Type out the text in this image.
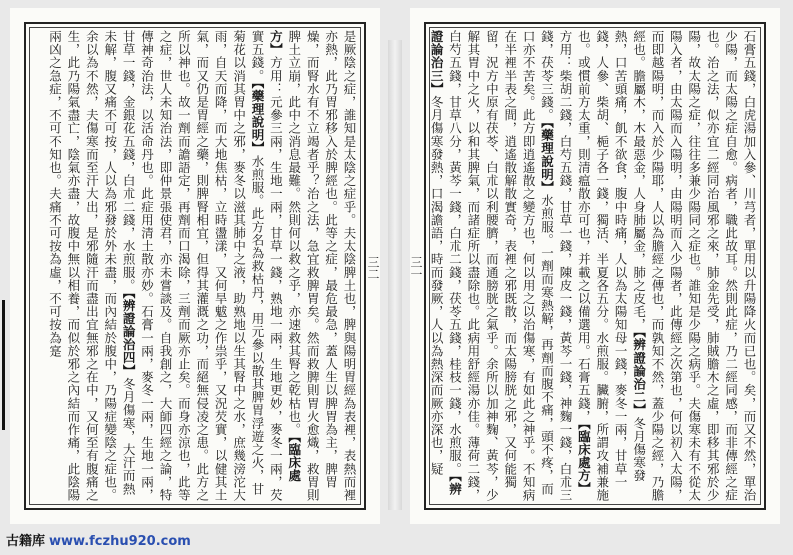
石膏五錢，白虎湯加入參、川芎者，單用以升陽降火而已也。矣，而又不然，單治少陽，而太陽之症自愈。病者，職此故耳。然則此症，乃二經同感，而非傳經之症也。治之法，似亦宜二經同治風邪之來，肺金先受，肺賊膽木之虛，即移其邪於少陽，故太陽之症，往往多兼少陽同之症也。誰知是少陽之病乎。夫傷寒未有不從太陽入者，由太陽而入陽明，由陽明而入少陽者，此傳經之次第也，何以初入太陽，而即越陽明，而入於少陽耶，人以為膽經之傳也，而孰知不然，蓋少陽之經，乃膽經也。膽屬木，木最惡金，人身肺屬金，肺之皮毛，【辨證論治二】冬月傷寒發熱，口苦頭痛，飢不欲食，腹中時痛，人以為太陽知母一錢，麥冬一兩，甘草一錢，人參、柴胡、梔子各一錢，獨活、半夏各五分。水煎服。臟腑，所謂攻補兼施也。或慣前方太重，則清瘟散亦可也，并載之以備選用。石膏五錢，【臨床處方】方用：柴胡二錢，白芍五錢，甘草一錢，陳皮一錢，黃芩一錢，神麴一錢，白朮三錢，茯苓三錢。【藥理說明】水煎服。一劑而寒熱解，再劑而腹不痛，頭不疼，而口亦不苦矣。此方即逍遙散之變方也，何以用之以治傷寒，有如此之神乎。不知病在半裡半表之間，逍遙散解散實奇，表裡之邪既散，而太陽膀胱之邪，又何能獨留，況方中原有茯苓、白朮以利腰臍，而通膀胱之氣乎。余所以加神麴、黃芩，少解其胃中之火，以和其脾氣，而諸症所以盡除也。此病用舒經湯亦佳。薄荷二錢，白芍五錢，甘草八分，黃芩一錢，白朮二錢，茯苓五錢，桂枝一錢，水煎服。【辨證論治三】冬月傷寒發熱，口渴譫語，時而發厥，人以為熱深而厥亦深也，疑
三一
是厥陰之症，誰知是太陰之症乎。夫太陰脾土也，脾與陽明胃經為表裡，表熱而裡亦熱，此乃胃邪移入於脾經也。此等之症，最危最急，蓋人生以脾胃為主，脾胃燥，而腎水有不立竭者乎？治之法，急宜救脾胃矣。然而救脾則胃火愈熾，救胃則脾土立崩，此中之消息最難。然則何以救之乎，亦速救其腎之乾枯也。【臨床處方】方用：元參三兩，生地一兩，甘草一錢，熟地一兩，生地更妙，麥冬一兩，芡實五錢。【藥理說明】水煎服。此方名為救枯丹，用元參以散其脾胃浮遊之火，甘菊花以消其胃中之邪，麥冬以滋其肺中之液，助熟地以生其腎中之水，庶幾滂沱大雨，自天而降，而大地焦枯，立時盪漾，又何旱魃之作祟乎，又況芡實，以健其土氣，而又仍是胃經之藥，則脾腎相宜，但得其灌溉之功，而絕無侵凌之患。此方之所以神也。故一劑而譫語定，再劑而口渴除，三劑而厥亦止矣。而身亦涼也，此等之症，世人未知治法，即仲景張使君，亦未嘗談及。自我創之，大師四經之論，特傳神奇治法，以活命丹也。此症用清土散亦妙。石膏一兩，麥冬一兩，生地一兩，甘草一錢，金銀花五錢，白朮二錢，水煎服。【辨證論治四】冬月傷寒，大汗而熱未解，腹又痛不可按，人以為邪發於外未盡，而內結於腹中，乃陽症變陰之症也。余以為不然，夫傷寒而至汗大出，是邪隨汗而盡出宜無邪之在中，又何至有腹痛之生，此乃陽氣盡亡，陰氣亦盡，故腹中無以相養，而似於邪之內結而作痛，此陰陽兩凶之急症，不可不知也。夫痛不可按為虛，不可按為寔	三二
古籍库 www.fczhu920.com
